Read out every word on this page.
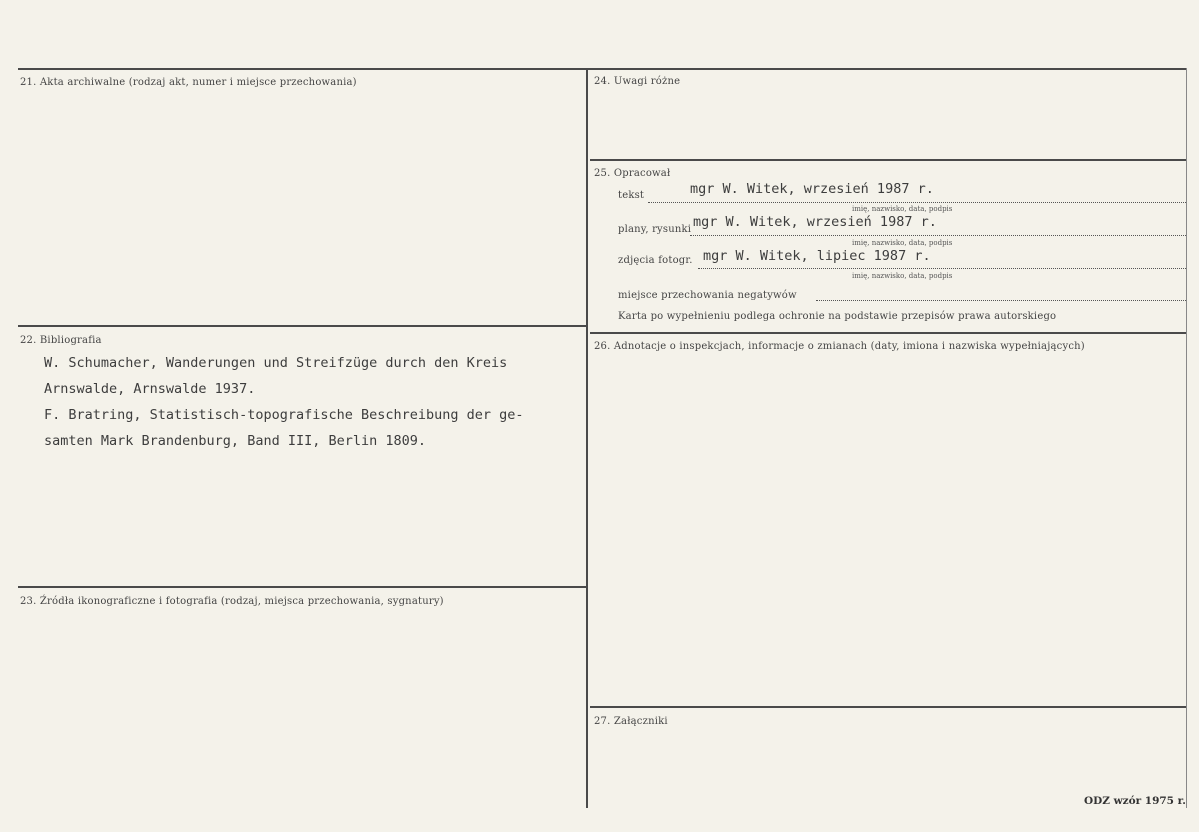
21. Akta archiwalne (rodzaj akt, numer i miejsce przechowania)
22. Bibliografia
W. Schumacher, Wanderungen und Streifzüge durch den Kreis
Arnswalde, Arnswalde 1937.
F. Bratring, Statistisch-topografische Beschreibung der ge-
samten Mark Brandenburg, Band III, Berlin 1809.
23. Źródła ikonograficzne i fotografia (rodzaj, miejsca przechowania, sygnatury)
24. Uwagi różne
25. Opracował
tekst	mgr W. Witek, wrzesień 1987 r.
imię, nazwisko, data, podpis
plany, rysunki mgr W. Witek, wrzesień 1987 r.
imię, nazwisko, data, podpis
zdjęcia fotogr. mgr W. Witek, lipiec 1987 r.
imię, nazwisko, data, podpis
miejsce przechowania negatywów
Karta po wypełnieniu podlega ochronie na podstawie przepisów prawa autorskiego
26. Adnotacje o inspekcjach, informacje o zmianach (daty, imiona i nazwiska wypełniających)
27. Załączniki
ODZ wzór 1975 r.
